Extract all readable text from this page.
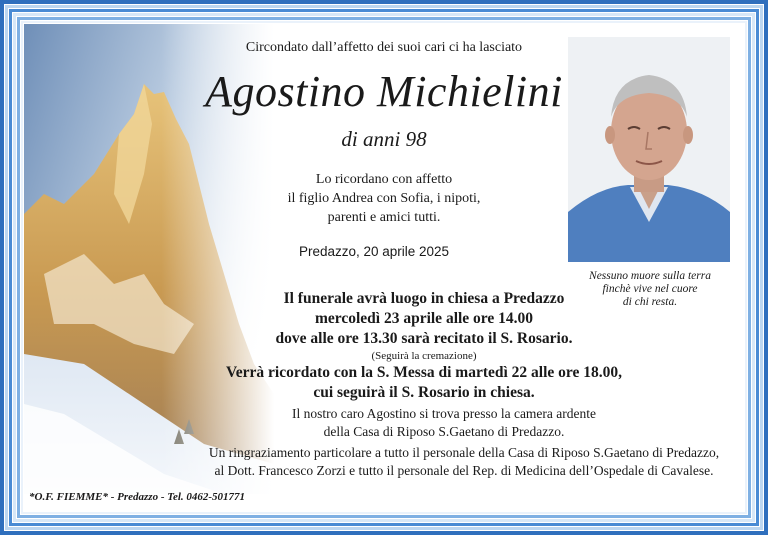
Circondato dall’affetto dei suoi cari ci ha lasciato
Agostino Michielini
di anni 98
Lo ricordano con affetto
il figlio Andrea con Sofia, i nipoti,
parenti e amici tutti.
Predazzo, 20 aprile 2025
Il funerale avrà luogo in chiesa a Predazzo
mercoledì 23 aprile alle ore 14.00
dove alle ore 13.30 sarà recitato il S. Rosario.
(Seguirà la cremazione)
Verrà ricordato con la S. Messa di martedì 22 alle ore 18.00,
cui seguirà il S. Rosario in chiesa.
Il nostro caro Agostino si trova presso la camera ardente
della Casa di Riposo S.Gaetano di Predazzo.
Un ringraziamento particolare a tutto il personale della Casa di Riposo S.Gaetano di Predazzo,
al Dott. Francesco Zorzi e tutto il personale del Rep. di Medicina dell’Ospedale di Cavalese.
Nessuno muore sulla terra
finchè vive nel cuore
di chi resta.
*O.F. FIEMME* - Predazzo - Tel. 0462-501771
